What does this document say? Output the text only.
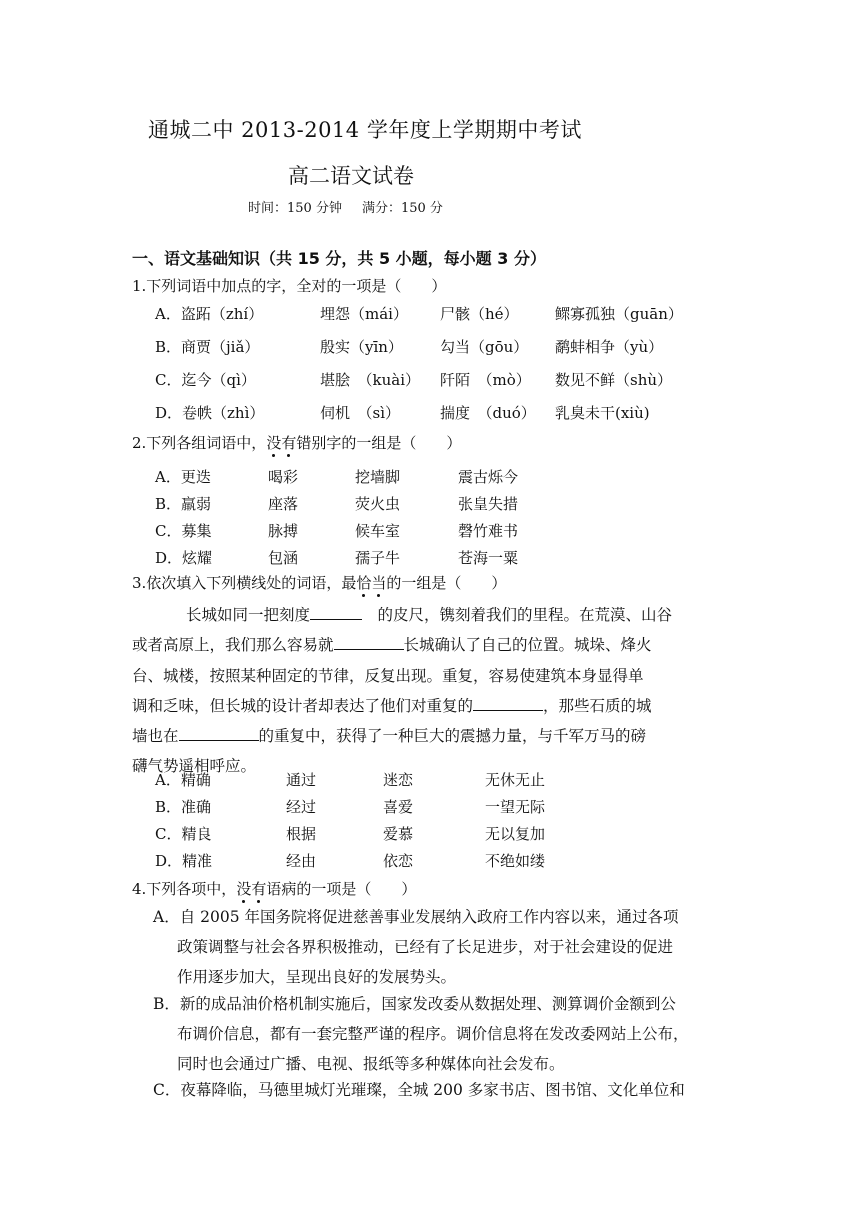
通城二中 2013-2014 学年度上学期期中考试
高二语文试卷
时间：150 分钟 满分：150 分
一、语文基础知识（共 15 分，共 5 小题，每小题 3 分）
1.下列词语中加点的字，全对的一项是（　　）
A．盗跖（zhí）	埋怨（mái） 尸骸（hé） 鳏寡孤独（guān）
B．商贾（jiǎ）	殷实（yīn） 勾当（gōu） 鹬蚌相争（yù）
C．迄今（qì）	堪脍　（kuài） 阡陌　（mò） 数见不鲜（shù）
D．卷帙（zhì）	伺机　（sì）	揣度　（duó） 乳臭未干(xiù)
2.下列各组词语中，没有错别字的一组是（　　）
A．更迭	喝彩	挖墙脚	震古烁今
B．羸弱	座落	荧火虫	张皇失措
C．募集	脉搏	候车室	磬竹难书
D．炫耀	包涵	孺子牛	苍海一粟
3.依次填入下列横线处的词语，最恰当的一组是（　　）
长城如同一把刻度	　的皮尺，镌刻着我们的里程。在荒漠、山谷
或者高原上，我们那么容易就	长城确认了自己的位置。城垛、烽火
台、城楼，按照某种固定的节律，反复出现。重复，容易使建筑本身显得单
调和乏味，但长城的设计者却表达了他们对重复的	，那些石质的城
墙也在	的重复中，获得了一种巨大的震撼力量，与千军万马的磅
礴气势遥相呼应。
A．精确	通过	迷恋	无休无止
B．准确	经过	喜爱	一望无际
C．精良	根据	爱慕	无以复加
D．精准	经由	依恋	不绝如缕
4.下列各项中，没有语病的一项是（　　）
A．自 2005 年国务院将促进慈善事业发展纳入政府工作内容以来，通过各项
政策调整与社会各界积极推动，已经有了长足进步，对于社会建设的促进
作用逐步加大，呈现出良好的发展势头。
B．新的成品油价格机制实施后，国家发改委从数据处理、测算调价金额到公
布调价信息，都有一套完整严谨的程序。调价信息将在发改委网站上公布，
同时也会通过广播、电视、报纸等多种媒体向社会发布。
C．夜幕降临，马德里城灯光璀璨，全城 200 多家书店、图书馆、文化单位和
